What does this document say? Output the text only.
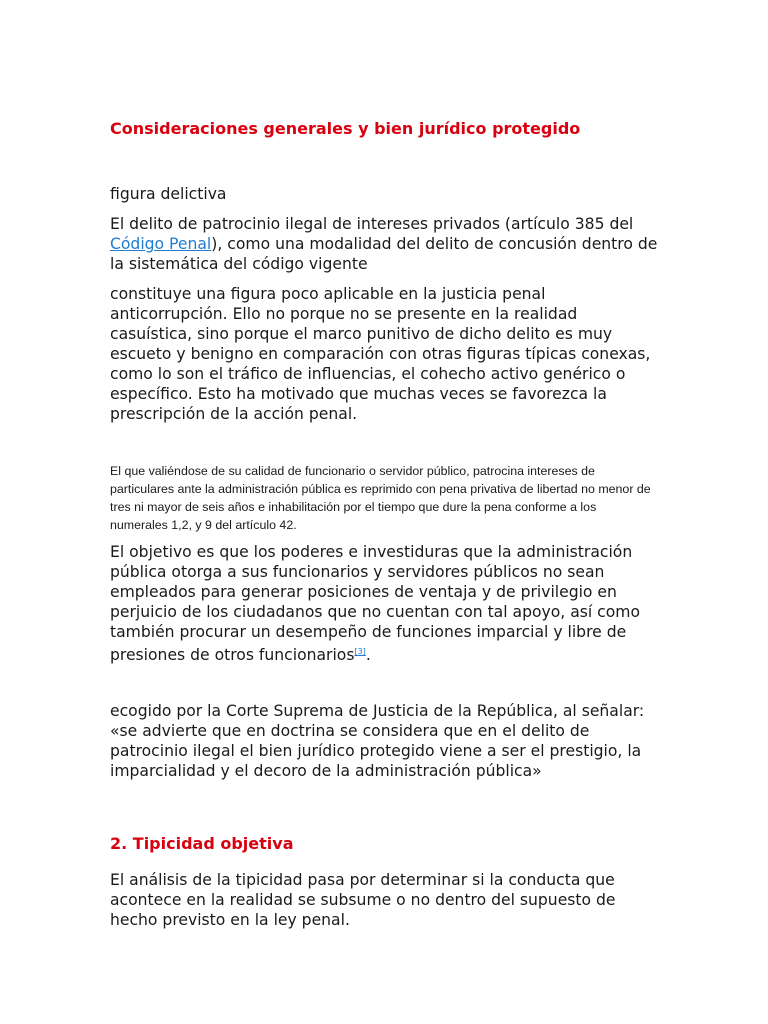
Consideraciones generales y bien jurídico protegido

figura delictiva

El delito de patrocinio ilegal de intereses privados (artículo 385 del Código Penal), como una modalidad del delito de concusión dentro de la sistemática del código vigente

constituye una figura poco aplicable en la justicia penal anticorrupción. Ello no porque no se presente en la realidad casuística, sino porque el marco punitivo de dicho delito es muy escueto y benigno en comparación con otras figuras típicas conexas, como lo son el tráfico de influencias, el cohecho activo genérico o específico. Esto ha motivado que muchas veces se favorezca la prescripción de la acción penal.

El que valiéndose de su calidad de funcionario o servidor público, patrocina intereses de particulares ante la administración pública es reprimido con pena privativa de libertad no menor de tres ni mayor de seis años e inhabilitación por el tiempo que dure la pena conforme a los numerales 1,2, y 9 del artículo 42.

El objetivo es que los poderes e investiduras que la administración pública otorga a sus funcionarios y servidores públicos no sean empleados para generar posiciones de ventaja y de privilegio en perjuicio de los ciudadanos que no cuentan con tal apoyo, así como también procurar un desempeño de funciones imparcial y libre de presiones de otros funcionarios[3].

ecogido por la Corte Suprema de Justicia de la República, al señalar: «se advierte que en doctrina se considera que en el delito de patrocinio ilegal el bien jurídico protegido viene a ser el prestigio, la imparcialidad y el decoro de la administración pública»

2. Tipicidad objetiva

El análisis de la tipicidad pasa por determinar si la conducta que acontece en la realidad se subsume o no dentro del supuesto de hecho previsto en la ley penal.
